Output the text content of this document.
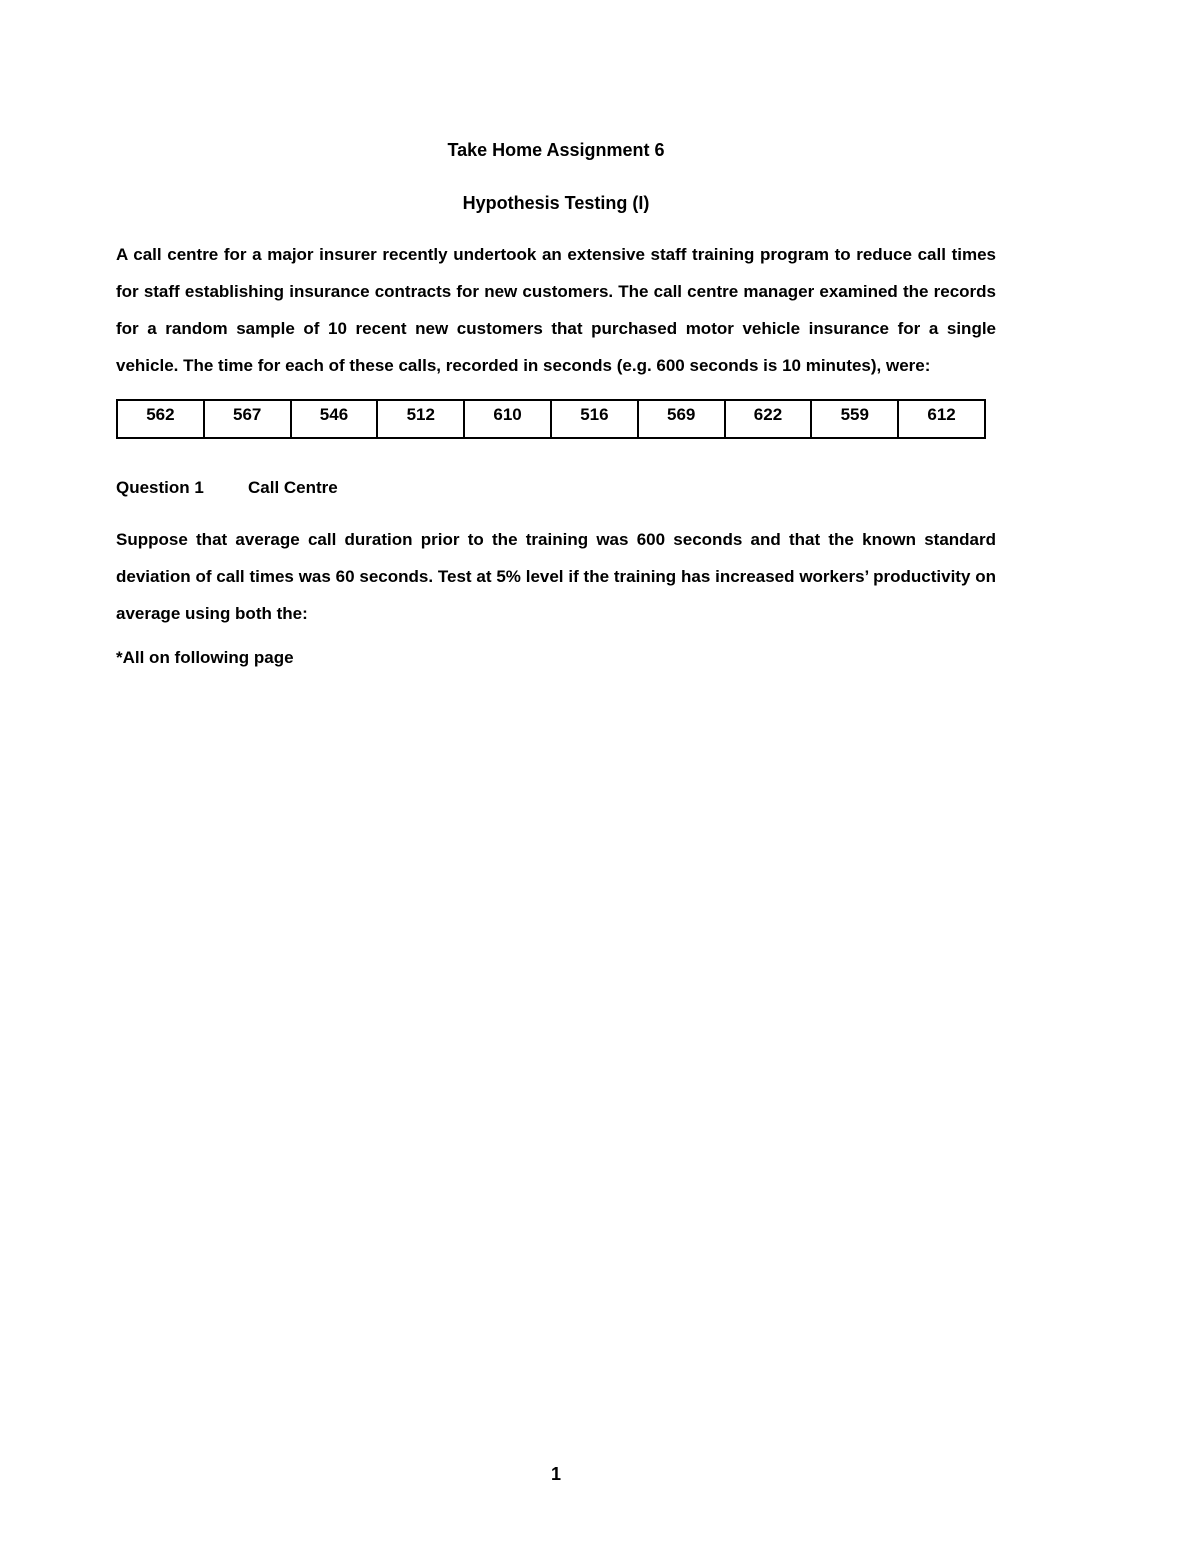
Take Home Assignment 6
Hypothesis Testing (I)
A call centre for a major insurer recently undertook an extensive staff training program to reduce call times for staff establishing insurance contracts for new customers. The call centre manager examined the records for a random sample of 10 recent new customers that purchased motor vehicle insurance for a single vehicle. The time for each of these calls, recorded in seconds (e.g. 600 seconds is 10 minutes), were:
562	567	546	512	610	516	569	622	559	612
Question 1	Call Centre
Suppose that average call duration prior to the training was 600 seconds and that the known standard deviation of call times was 60 seconds. Test at 5% level if the training has increased workers’ productivity on average using both the:
*All on following page
1
